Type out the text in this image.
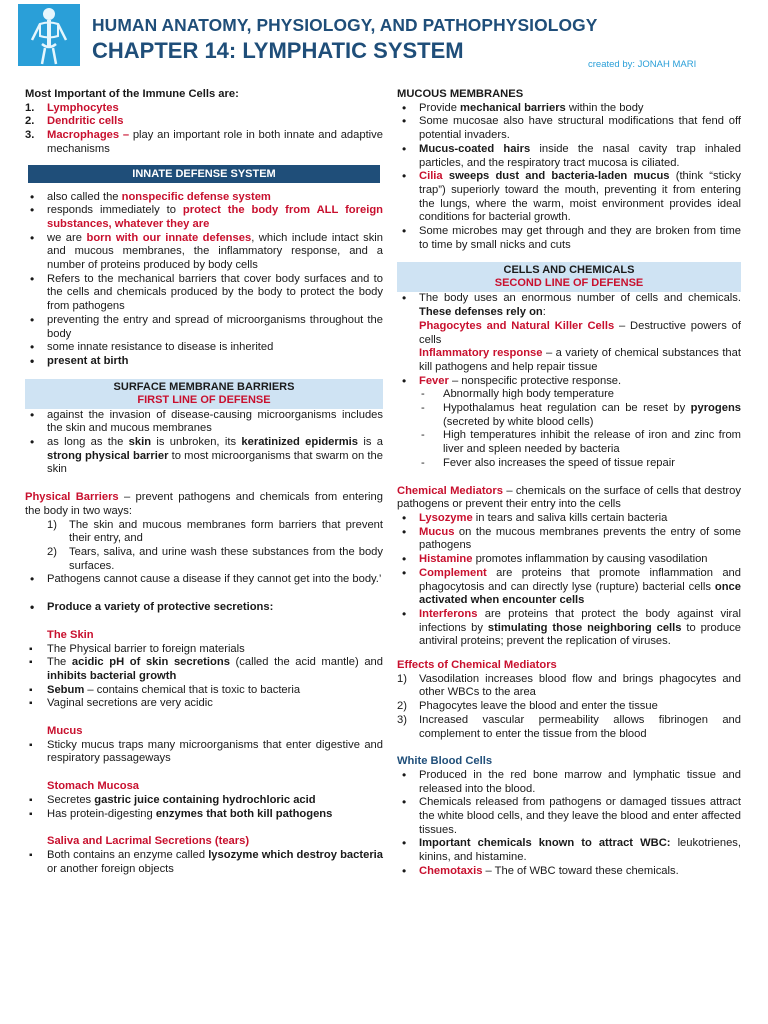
HUMAN ANATOMY, PHYSIOLOGY, AND PATHOPHYSIOLOGY
CHAPTER 14: LYMPHATIC SYSTEM
created by: JONAH MARI

Most Important of the Immune Cells are:

1. Lymphocytes
2. Dendritic cells
3. Macrophages – play an important role in both innate and adaptive mechanisms
INNATE DEFENSE SYSTEM
• also called the nonspecific defense system
• responds immediately to protect the body from ALL foreign substances, whatever they are
• we are born with our innate defenses, which include intact skin and mucous membranes, the inflammatory response, and a number of proteins produced by body cells
• Refers to the mechanical barriers that cover body surfaces and to the cells and chemicals produced by the body to protect the body from pathogens
• preventing the entry and spread of microorganisms throughout the body
• some innate resistance to disease is inherited
• present at birth
SURFACE MEMBRANE BARRIERS
FIRST LINE OF DEFENSE
• against the invasion of disease-causing microorganisms includes the skin and mucous membranes
• as long as the skin is unbroken, its keratinized epidermis is a strong physical barrier to most microorganisms that swarm on the skin

Physical Barriers – prevent pathogens and chemicals from entering the body in two ways:

1) The skin and mucous membranes form barriers that prevent their entry, and
2) Tears, saliva, and urine wash these substances from the body surfaces.
• Pathogens cannot cause a disease if they cannot get into the body.’
• Produce a variety of protective secretions:
The Skin
▪ The Physical barrier to foreign materials
▪ The acidic pH of skin secretions (called the acid mantle) and inhibits bacterial growth
▪ Sebum – contains chemical that is toxic to bacteria
▪ Vaginal secretions are very acidic
Mucus
▪ Sticky mucus traps many microorganisms that enter digestive and respiratory passageways
Stomach Mucosa
▪ Secretes gastric juice containing hydrochloric acid
▪ Has protein-digesting enzymes that both kill pathogens
Saliva and Lacrimal Secretions (tears)
▪ Both contains an enzyme called lysozyme which destroy bacteria or another foreign objects

MUCOUS MEMBRANES

• Provide mechanical barriers within the body
• Some mucosae also have structural modifications that fend off potential invaders.
• Mucus-coated hairs inside the nasal cavity trap inhaled particles, and the respiratory tract mucosa is ciliated.
• Cilia sweeps dust and bacteria-laden mucus (think “sticky trap”) superiorly toward the mouth, preventing it from entering the lungs, where the warm, moist environment provides ideal conditions for bacterial growth.
• Some microbes may get through and they are broken from time to time by small nicks and cuts
CELLS AND CHEMICALS
SECOND LINE OF DEFENSE
• The body uses an enormous number of cells and chemicals. These defenses rely on:
Phagocytes and Natural Killer Cells – Destructive powers of cells
Inflammatory response – a variety of chemical substances that kill pathogens and help repair tissue
• Fever – nonspecific protective response.
- Abnormally high body temperature
- Hypothalamus heat regulation can be reset by pyrogens (secreted by white blood cells)
- High temperatures inhibit the release of iron and zinc from liver and spleen needed by bacteria
- Fever also increases the speed of tissue repair

Chemical Mediators – chemicals on the surface of cells that destroy pathogens or prevent their entry into the cells

• Lysozyme in tears and saliva kills certain bacteria
• Mucus on the mucous membranes prevents the entry of some pathogens
• Histamine promotes inflammation by causing vasodilation
• Complement are proteins that promote inflammation and phagocytosis and can directly lyse (rupture) bacterial cells once activated when encounter cells
• Interferons are proteins that protect the body against viral infections by stimulating those neighboring cells to produce antiviral proteins; prevent the replication of viruses.
Effects of Chemical Mediators
1) Vasodilation increases blood flow and brings phagocytes and other WBCs to the area
2) Phagocytes leave the blood and enter the tissue
3) Increased vascular permeability allows fibrinogen and complement to enter the tissue from the blood
White Blood Cells
• Produced in the red bone marrow and lymphatic tissue and released into the blood.
• Chemicals released from pathogens or damaged tissues attract the white blood cells, and they leave the blood and enter affected tissues.
• Important chemicals known to attract WBC: leukotrienes, kinins, and histamine.
• Chemotaxis – The of WBC toward these chemicals.
